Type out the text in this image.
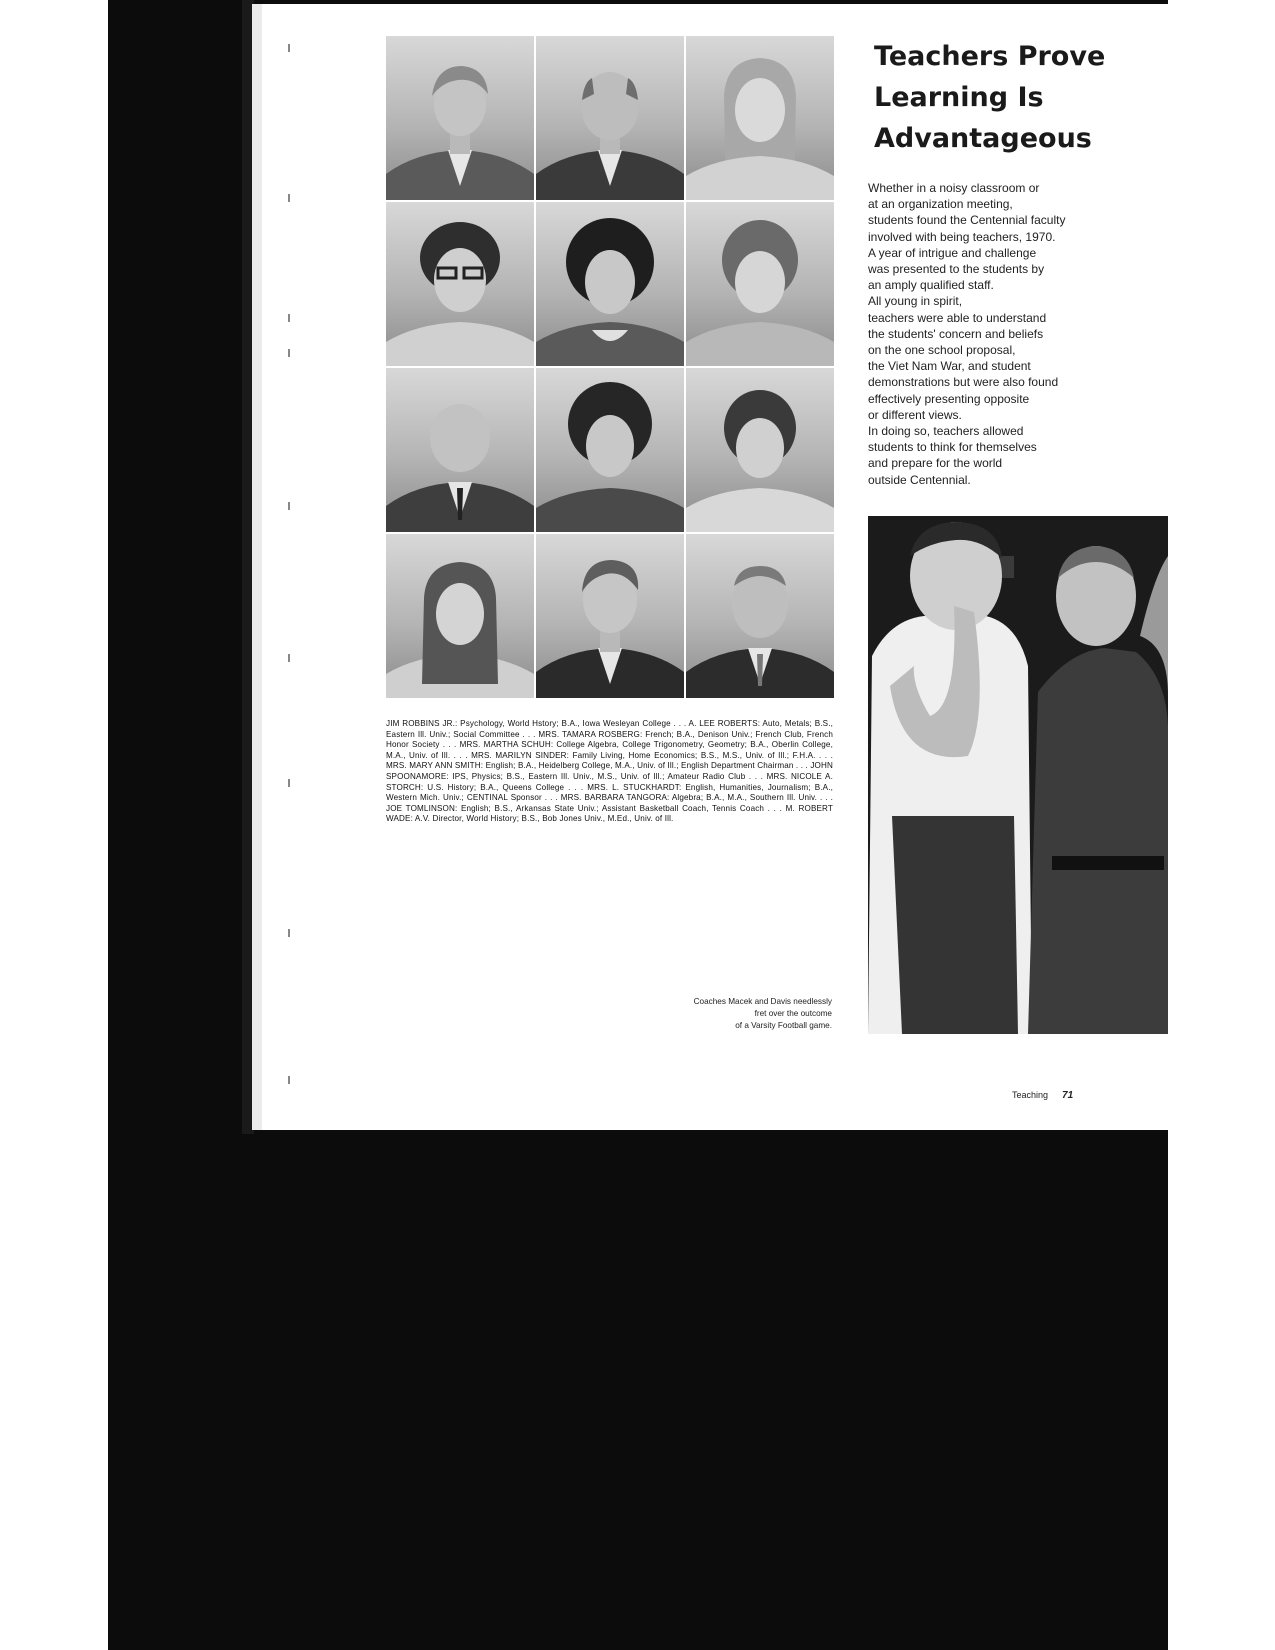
Teachers Prove
Learning Is
Advantageous
Whether in a noisy classroom or
at an organization meeting,
students found the Centennial faculty
involved with being teachers, 1970.
A year of intrigue and challenge
was presented to the students by
an amply qualified staff.
All young in spirit,
teachers were able to understand
the students' concern and beliefs
on the one school proposal,
the Viet Nam War, and student
demonstrations but were also found
effectively presenting opposite
or different views.
In doing so, teachers allowed
students to think for themselves
and prepare for the world
outside Centennial.

JIM ROBBINS JR.: Psychology, World Hstory; B.A., Iowa Wesleyan College . . . A. LEE ROBERTS: Auto, Metals; B.S., Eastern Ill. Univ.; Social Committee . . . MRS. TAMARA ROSBERG: French; B.A., Denison Univ.; French Club, French Honor Society . . . MRS. MARTHA SCHUH: College Algebra, College Trigonometry, Geometry; B.A., Oberlin College, M.A., Univ. of Ill. . . . MRS. MARILYN SINDER: Family Living, Home Economics; B.S., M.S., Univ. of Ill.; F.H.A. . . . MRS. MARY ANN SMITH: English; B.A., Heidelberg College, M.A., Univ. of Ill.; English Department Chairman . . . JOHN SPOONAMORE: IPS, Physics; B.S., Eastern Ill. Univ., M.S., Univ. of Ill.; Amateur Radio Club . . . MRS. NICOLE A. STORCH: U.S. History; B.A., Queens College . . . MRS. L. STUCKHARDT: English, Humanities, Journalism; B.A., Western Mich. Univ.; CENTINAL Sponsor . . . MRS. BARBARA TANGORA: Algebra; B.A., M.A., Southern Ill. Univ. . . . JOE TOMLINSON: English; B.S., Arkansas State Univ.; Assistant Basketball Coach, Tennis Coach . . . M. ROBERT WADE: A.V. Director, World History; B.S., Bob Jones Univ., M.Ed., Univ. of Ill.

Coaches Macek and Davis needlessly
fret over the outcome
of a Varsity Football game.
Teaching 71
